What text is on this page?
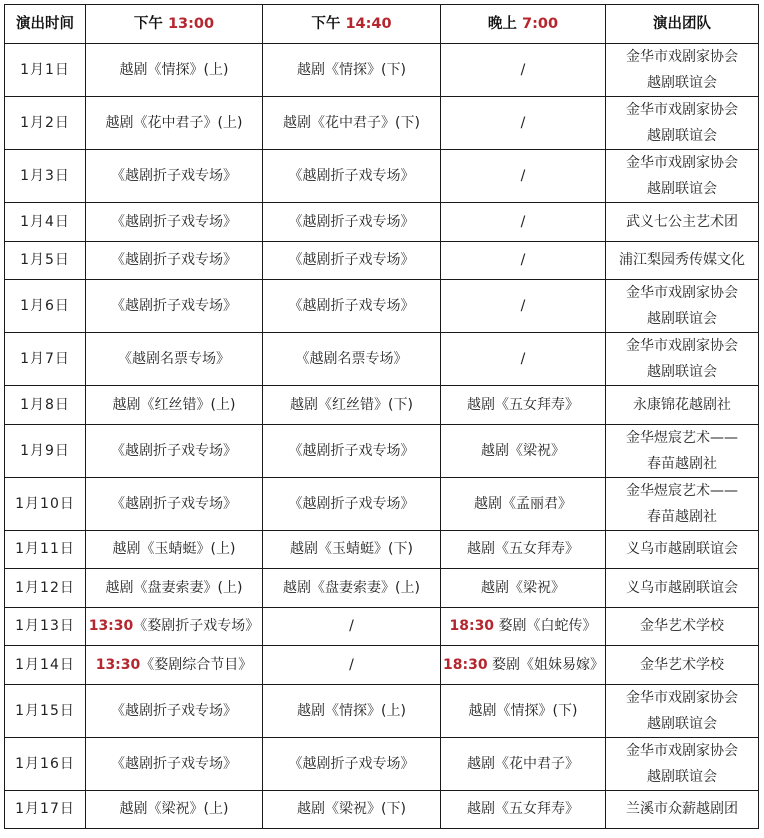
演出时间	下午 13:00	下午 14:40	晚上 7:00	演出团队
1月1日	越剧《情探》(上)	越剧《情探》(下)	/	金华市戏剧家协会
越剧联谊会

1月2日	越剧《花中君子》(上)	越剧《花中君子》(下)	/	金华市戏剧家协会
越剧联谊会

1月3日	《越剧折子戏专场》	《越剧折子戏专场》	/	金华市戏剧家协会
越剧联谊会

1月4日	《越剧折子戏专场》	《越剧折子戏专场》	/	武义七公主艺术团

1月5日	《越剧折子戏专场》	《越剧折子戏专场》	/	浦江梨园秀传媒文化

1月6日	《越剧折子戏专场》	《越剧折子戏专场》	/	金华市戏剧家协会
越剧联谊会

1月7日	《越剧名票专场》	《越剧名票专场》	/	金华市戏剧家协会
越剧联谊会

1月8日	越剧《红丝错》(上)	越剧《红丝错》(下)	越剧《五女拜寿》	永康锦花越剧社

1月9日	《越剧折子戏专场》	《越剧折子戏专场》	越剧《梁祝》	金华煜宸艺术——
春苗越剧社

1月10日	《越剧折子戏专场》	《越剧折子戏专场》	越剧《孟丽君》	金华煜宸艺术——
春苗越剧社

1月11日	越剧《玉蜻蜓》(上)	越剧《玉蜻蜓》(下)	越剧《五女拜寿》	义乌市越剧联谊会

1月12日	越剧《盘妻索妻》(上)	越剧《盘妻索妻》(上)	越剧《梁祝》	义乌市越剧联谊会

1月13日	13:30《婺剧折子戏专场》	/	18:30 婺剧《白蛇传》	金华艺术学校

1月14日	13:30《婺剧综合节目》	/	18:30 婺剧《姐妹易嫁》	金华艺术学校

1月15日	《越剧折子戏专场》	越剧《情探》(上)	越剧《情探》(下)	金华市戏剧家协会
越剧联谊会

1月16日	《越剧折子戏专场》	《越剧折子戏专场》	越剧《花中君子》	金华市戏剧家协会
越剧联谊会

1月17日	越剧《梁祝》(上)	越剧《梁祝》(下)	越剧《五女拜寿》	兰溪市众薪越剧团
